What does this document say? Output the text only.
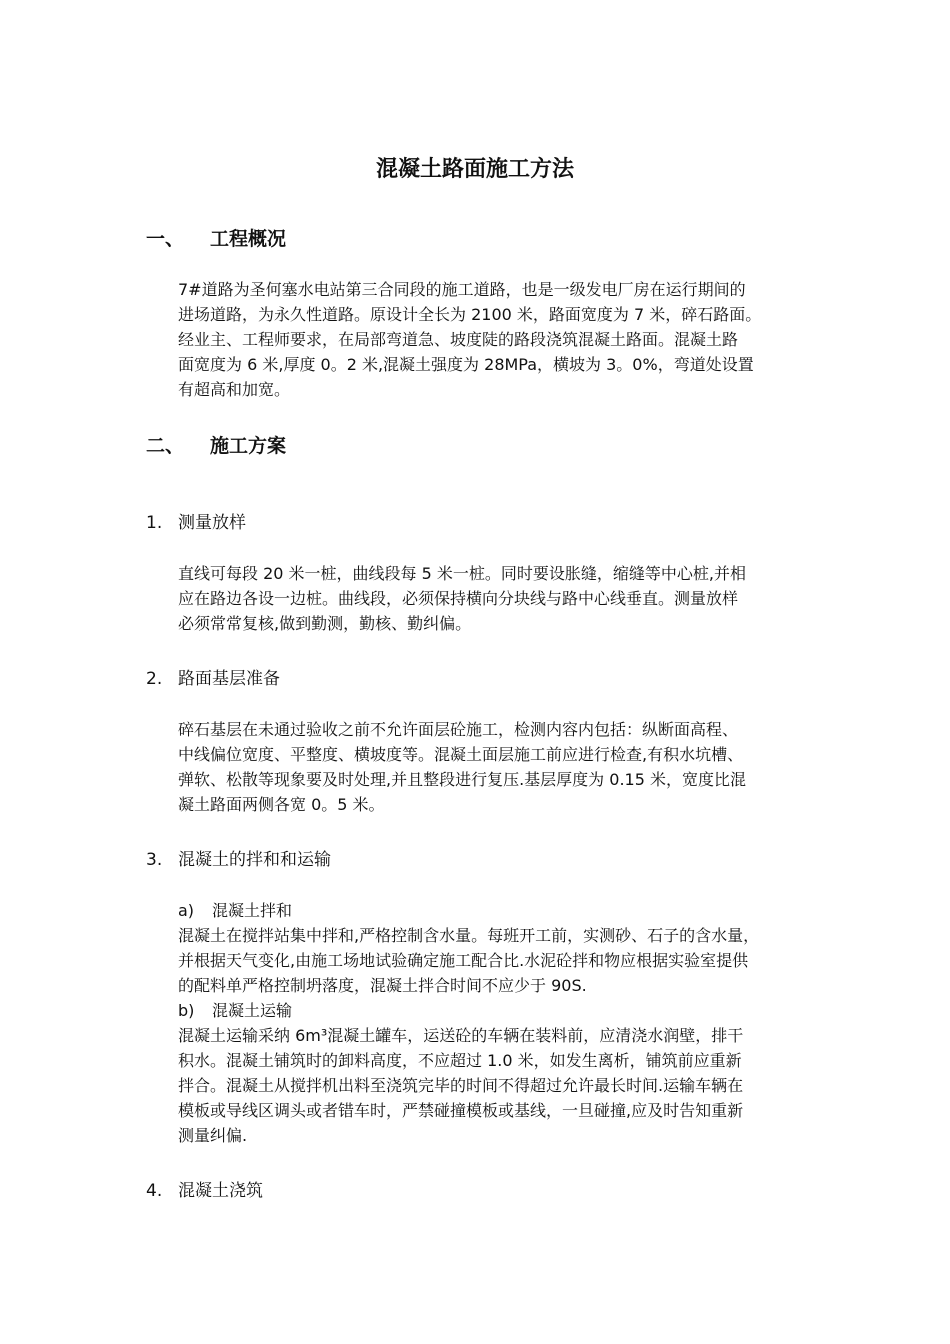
混凝土路面施工方法
一、 工程概况
7#道路为圣何塞水电站第三合同段的施工道路，也是一级发电厂房在运行期间的
进场道路，为永久性道路。原设计全长为 2100 米，路面宽度为 7 米，碎石路面。
经业主、工程师要求，在局部弯道急、坡度陡的路段浇筑混凝土路面。混凝土路
面宽度为 6 米,厚度 0。2 米,混凝土强度为 28MPa，横坡为 3。0%，弯道处设置
有超高和加宽。
二、 施工方案
1. 测量放样
直线可每段 20 米一桩，曲线段每 5 米一桩。同时要设胀缝，缩缝等中心桩,并相
应在路边各设一边桩。曲线段，必须保持横向分块线与路中心线垂直。测量放样
必须常常复核,做到勤测，勤核、勤纠偏。
2. 路面基层准备
碎石基层在未通过验收之前不允许面层砼施工，检测内容内包括：纵断面高程、
中线偏位宽度、平整度、横坡度等。混凝土面层施工前应进行检查,有积水坑槽、
弹软、松散等现象要及时处理,并且整段进行复压.基层厚度为 0.15 米，宽度比混
凝土路面两侧各宽 0。5 米。
3. 混凝土的拌和和运输
a) 混凝土拌和
混凝土在搅拌站集中拌和,严格控制含水量。每班开工前，实测砂、石子的含水量，
并根据天气变化,由施工场地试验确定施工配合比.水泥砼拌和物应根据实验室提供
的配料单严格控制坍落度，混凝土拌合时间不应少于 90S.
b) 混凝土运输
混凝土运输采纳 6m³混凝土罐车，运送砼的车辆在装料前，应清浇水润壁，排干
积水。混凝土铺筑时的卸料高度，不应超过 1.0 米，如发生离析，铺筑前应重新
拌合。混凝土从搅拌机出料至浇筑完毕的时间不得超过允许最长时间.运输车辆在
模板或导线区调头或者错车时，严禁碰撞模板或基线，一旦碰撞,应及时告知重新
测量纠偏.
4. 混凝土浇筑
